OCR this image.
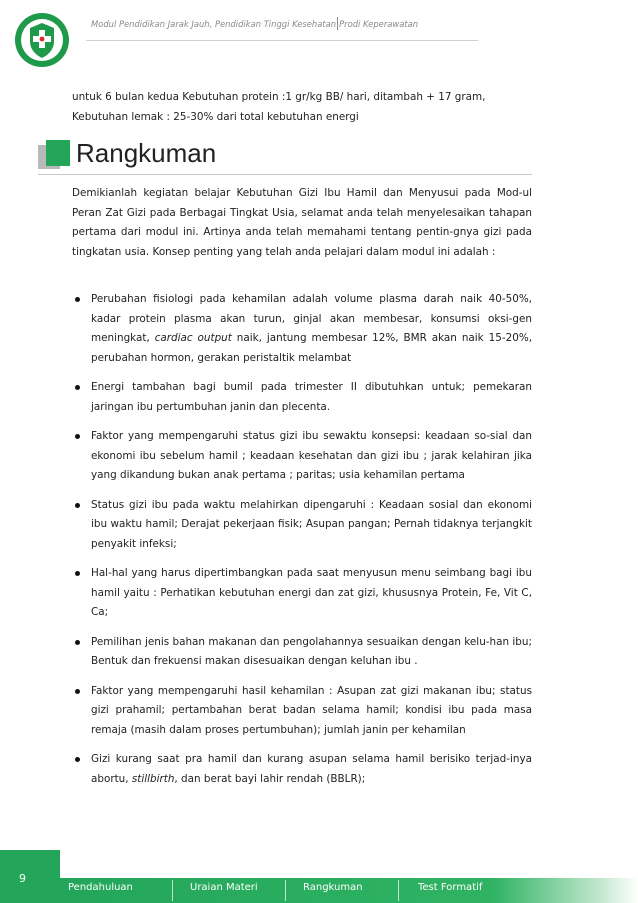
Modul Pendidikan Jarak Jauh, Pendidikan Tinggi Kesehatan Prodi Keperawatan
untuk 6 bulan kedua Kebutuhan protein :1 gr/kg BB/ hari, ditambah + 17 gram,
Kebutuhan lemak : 25-30% dari total kebutuhan energi
Rangkuman
Demikianlah kegiatan belajar Kebutuhan Gizi Ibu Hamil dan Menyusui pada Mod-ul Peran Zat Gizi pada Berbagai Tingkat Usia, selamat anda telah menyelesaikan tahapan pertama dari modul ini. Artinya anda telah memahami tentang pentin-gnya gizi pada tingkatan usia. Konsep penting yang telah anda pelajari dalam modul ini adalah :
Perubahan fisiologi pada kehamilan adalah volume plasma darah naik 40-50%, kadar protein plasma akan turun, ginjal akan membesar, konsumsi oksi-gen meningkat, cardiac output naik, jantung membesar 12%, BMR akan naik 15-20%, perubahan hormon, gerakan peristaltik melambat
Energi tambahan bagi bumil pada trimester II dibutuhkan untuk; pemekaran jaringan ibu pertumbuhan janin dan plecenta.
Faktor yang mempengaruhi status gizi ibu sewaktu konsepsi: keadaan so-sial dan ekonomi ibu sebelum hamil ; keadaan kesehatan dan gizi ibu ; jarak kelahiran jika yang dikandung bukan anak pertama ; paritas; usia kehamilan pertama
Status gizi ibu pada waktu melahirkan dipengaruhi : Keadaan sosial dan ekonomi ibu waktu hamil; Derajat pekerjaan fisik; Asupan pangan; Pernah tidaknya terjangkit penyakit infeksi;
Hal-hal yang harus dipertimbangkan pada saat menyusun menu seimbang bagi ibu hamil yaitu : Perhatikan kebutuhan energi dan zat gizi, khususnya Protein, Fe, Vit C, Ca;
Pemilihan jenis bahan makanan dan pengolahannya sesuaikan dengan kelu-han ibu; Bentuk dan frekuensi makan disesuaikan dengan keluhan ibu .
Faktor yang mempengaruhi hasil kehamilan : Asupan zat gizi makanan ibu; status gizi prahamil; pertambahan berat badan selama hamil; kondisi ibu pada masa remaja (masih dalam proses pertumbuhan); jumlah janin per kehamilan
Gizi kurang saat pra hamil dan kurang asupan selama hamil berisiko terjad-inya abortu, stillbirth, dan berat bayi lahir rendah (BBLR);
9
Pendahuluan	Uraian Materi	Rangkuman	Test Formatif
